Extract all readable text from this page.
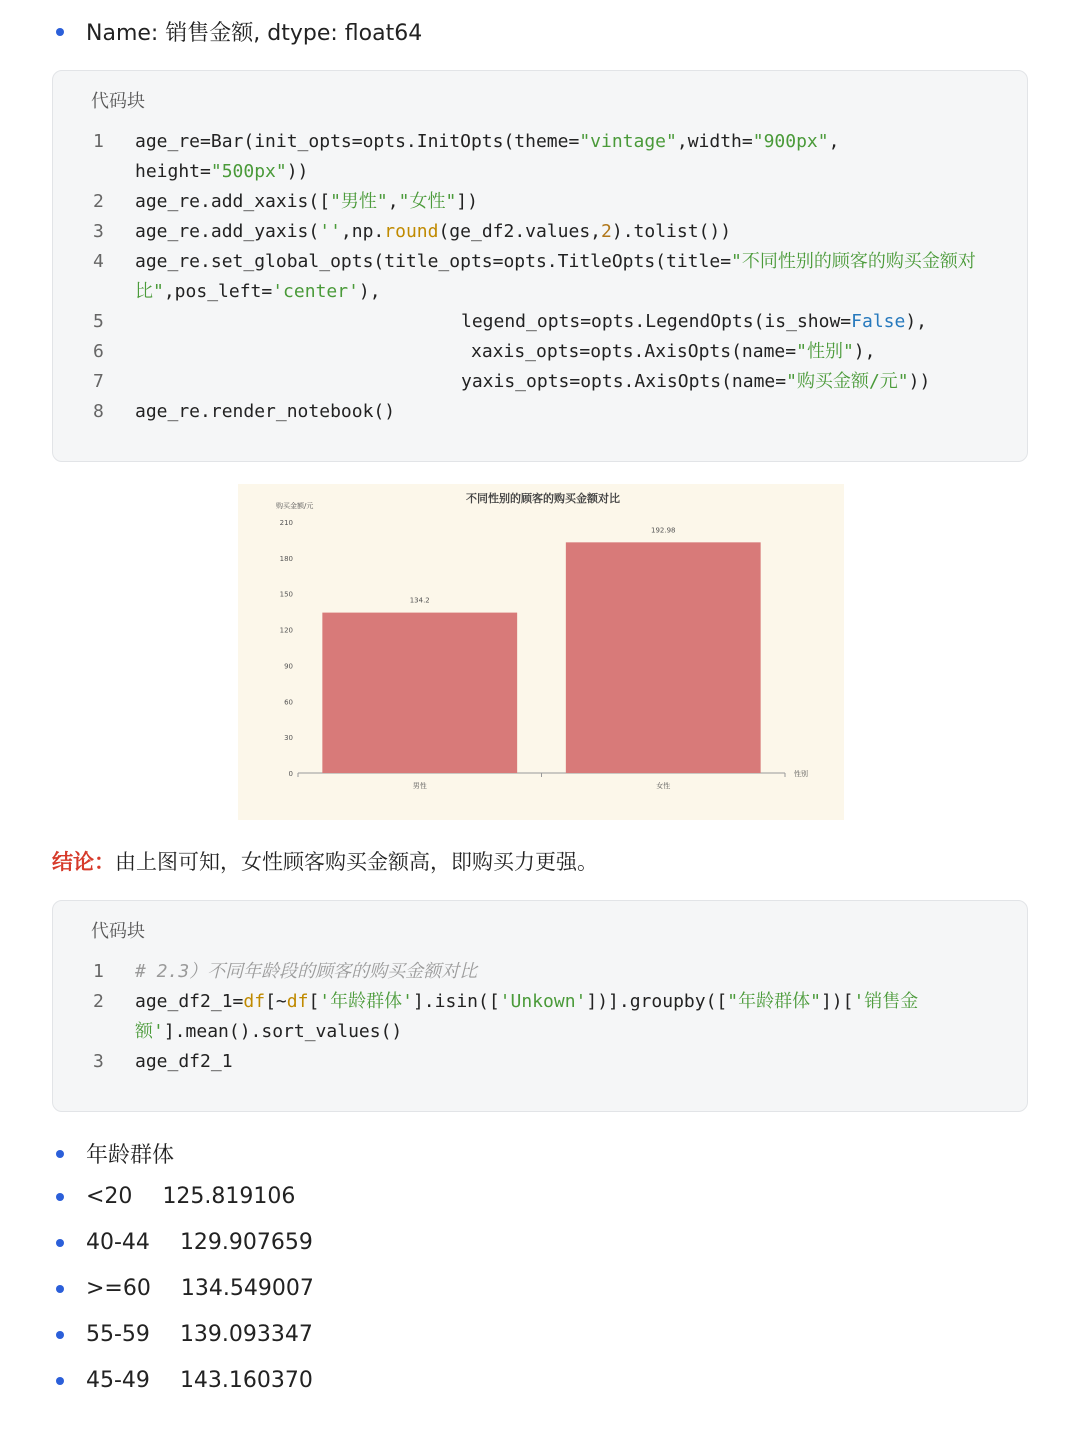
Name: 销售金额, dtype: float64
代码块
1	age_re=Bar(init_opts=opts.InitOpts(theme="vintage",width="900px",
height="500px"))
2	age_re.add_xaxis(["男性","女性"])
3	age_re.add_yaxis('',np.round(ge_df2.values,2).tolist())
4	age_re.set_global_opts(title_opts=opts.TitleOpts(title="不同性别的顾客的购买金额对比",pos_left='center'),
5	legend_opts=opts.LegendOpts(is_show=False),
6	xaxis_opts=opts.AxisOpts(name="性别"),
7	yaxis_opts=opts.AxisOpts(name="购买金额/元"))
8	age_re.render_notebook()
不同性别的顾客的购买金额对比
购买金额/元
性别
0
30
60
90
120
150
180
210
134.2
男性
192.98
女性
结论：由上图可知，女性顾客购买金额高，即购买力更强。
代码块
1	# 2.3）不同年龄段的顾客的购买金额对比
2	age_df2_1=df[~df['年龄群体'].isin(['Unkown'])].groupby(["年龄群体"])['销售金额'].mean().sort_values()
3	age_df2_1
年龄群体
<20 125.819106
40-44 129.907659
>=60 134.549007
55-59 139.093347
45-49 143.160370
